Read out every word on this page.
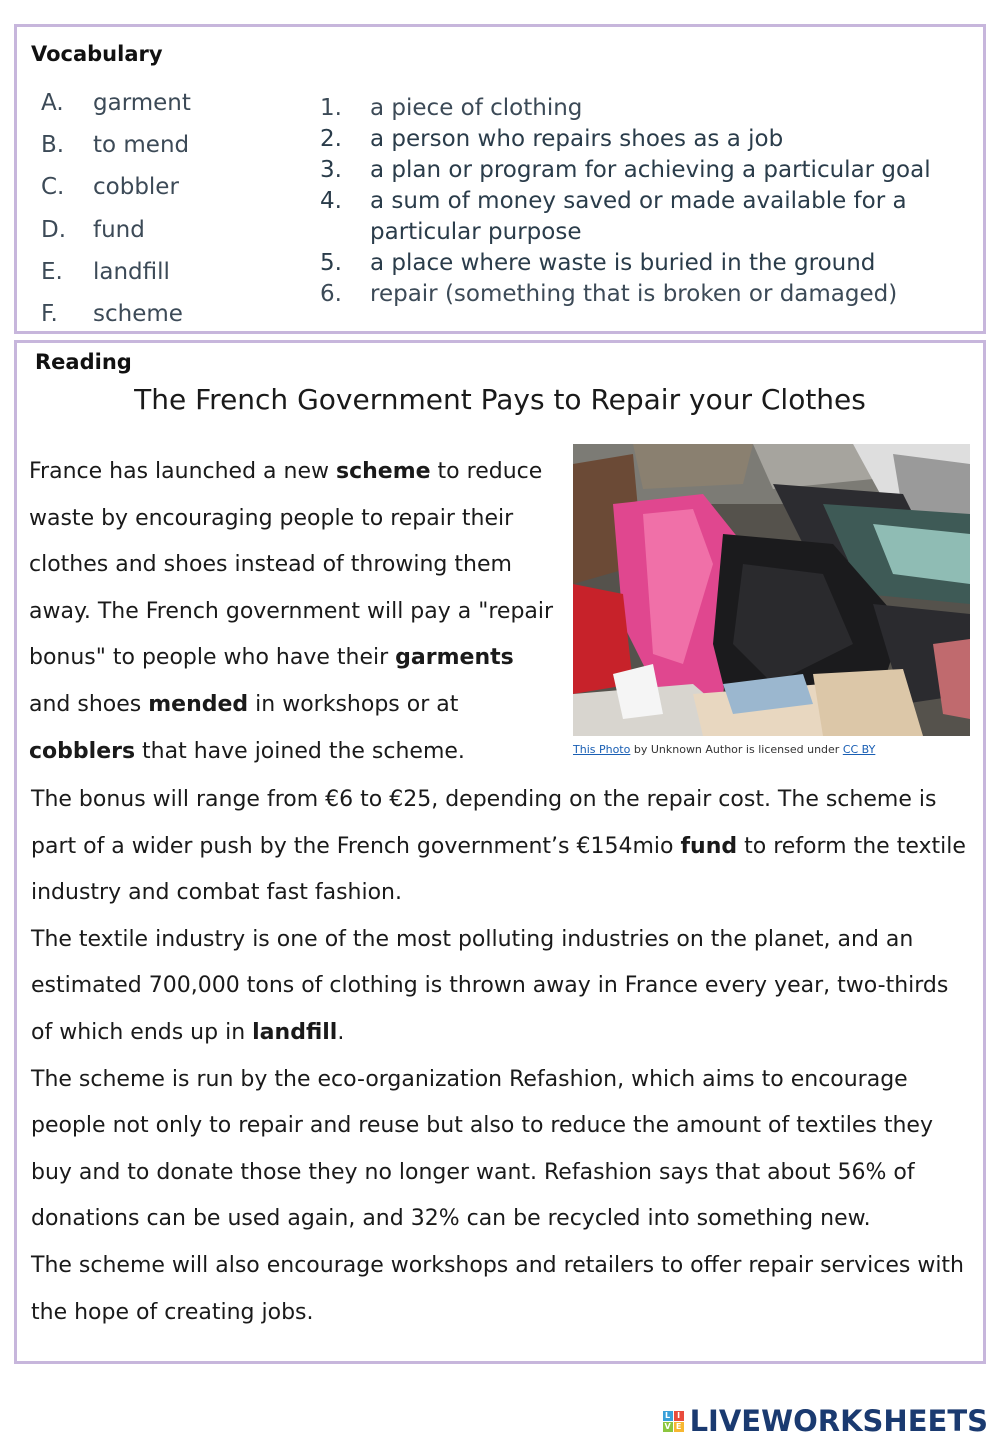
Vocabulary
A.	garment
B.	to mend
C.	cobbler
D.	fund
E.	landfill
F.	scheme
1.	a piece of clothing
2.	a person who repairs shoes as a job
3.	a plan or program for achieving a particular goal
4.	a sum of money saved or made available for a particular purpose
5.	a place where waste is buried in the ground
6.	repair (something that is broken or damaged)
Reading
The French Government Pays to Repair your Clothes

France has launched a new scheme to reduce waste by encouraging people to repair their clothes and shoes instead of throwing them away. The French government will pay a "repair bonus" to people who have their garments and shoes mended in workshops or at cobblers that have joined the scheme.	This Photo by Unknown Author is licensed under CC BY

The bonus will range from €6 to €25, depending on the repair cost. The scheme is part of a wider push by the French government’s €154mio fund to reform the textile industry and combat fast fashion.

The textile industry is one of the most polluting industries on the planet, and an estimated 700,000 tons of clothing is thrown away in France every year, two-thirds of which ends up in landfill.

The scheme is run by the eco-organization Refashion, which aims to encourage people not only to repair and reuse but also to reduce the amount of textiles they buy and to donate those they no longer want. Refashion says that about 56% of donations can be used again, and 32% can be recycled into something new.

The scheme will also encourage workshops and retailers to offer repair services with the hope of creating jobs.

L I
V E LIVEWORKSHEETS
